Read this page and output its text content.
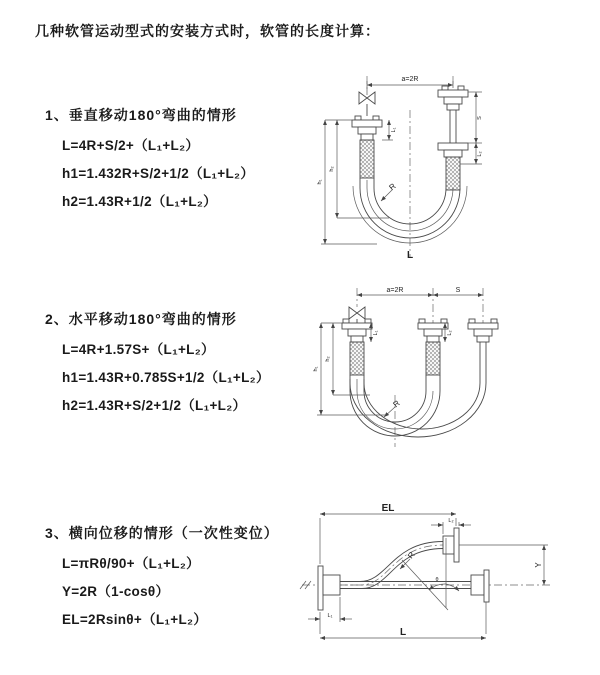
几种软管运动型式的安装方式时，软管的长度计算：
1、垂直移动180°弯曲的情形
L=4R+S/2+（L₁+L₂）
h1=1.432R+S/2+1/2（L₁+L₂）
h2=1.43R+1/2（L₁+L₂）
2、水平移动180°弯曲的情形
L=4R+1.57S+（L₁+L₂）
h1=1.43R+0.785S+1/2（L₁+L₂）
h2=1.43R+S/2+1/2（L₁+L₂）
3、横向位移的情形（一次性变位）
L=πRθ/90+（L₁+L₂）
Y=2R（1-cosθ）
EL=2Rsinθ+（L₁+L₂）
a=2R
h₁
h₂
S
L₂
L₁
R
L
a=2R	S
h₁
h₂
L₁	L₂
R
EL
L₂
Y
R
θ
L
L₁
